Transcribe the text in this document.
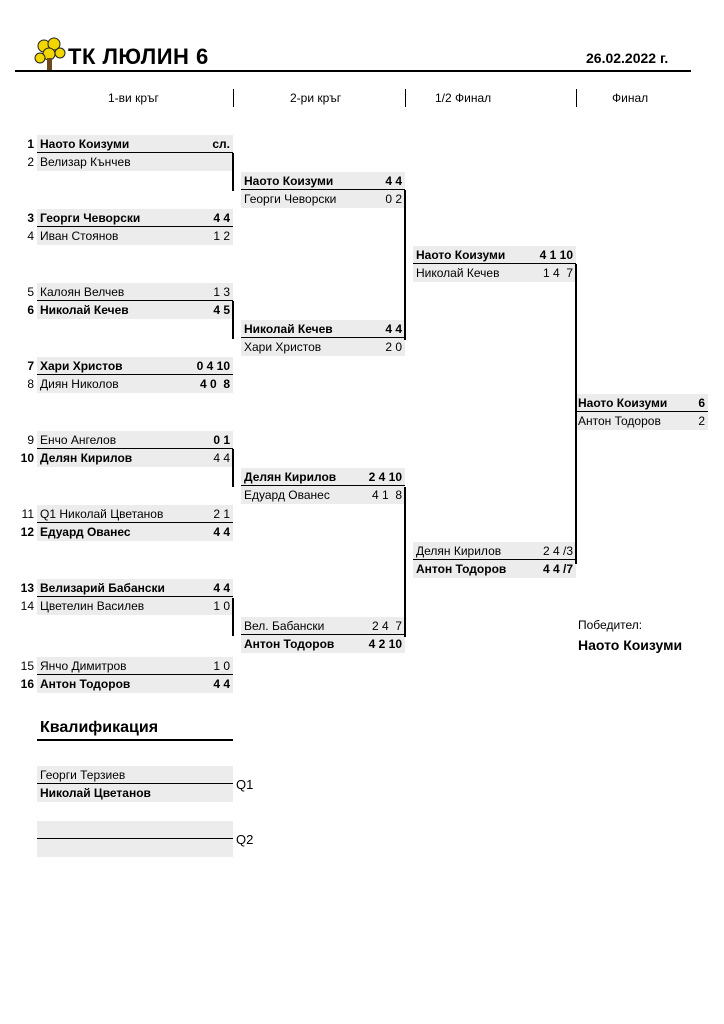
ТК ЛЮЛИН 6	26.02.2022 г.
1-ви кръг	2-ри кръг	1/2 Финал	Финал
1 Наото Коизуми	сл.
2 Велизар Кънчев
3 Георги Чеворски	4 4
4 Иван Стоянов	1 2
5 Калоян Велчев	1 3
6 Николай Кечев	4 5
7 Хари Христов	0 4 10
8 Диян Николов	4 0  8
9 Енчо Ангелов	0 1
10 Делян Кирилов	4 4
11 Q1 Николай Цветанов	2 1
12 Едуард Ованес	4 4
13 Велизарий Бабански	4 4
14 Цветелин Василев	1 0
15 Янчо Димитров	1 0
16 Антон Тодоров	4 4
Наото Коизуми	4 4
Георги Чеворски	0 2
Николай Кечев	4 4
Хари Христов	2 0
Делян Кирилов	2 4 10
Едуард Ованес	4 1  8
Вел. Бабански	2 4  7
Антон Тодоров	4 2 10
Наото Коизуми	4 1 10
Николай Кечев	1 4  7
Делян Кирилов	2 4 /3
Антон Тодоров	4 4 /7
Наото Коизуми	6
Антон Тодоров	2
Победител:
Наото Коизуми
Квалификация
Георги Терзиев
Николай Цветанов
Q1
Q2
